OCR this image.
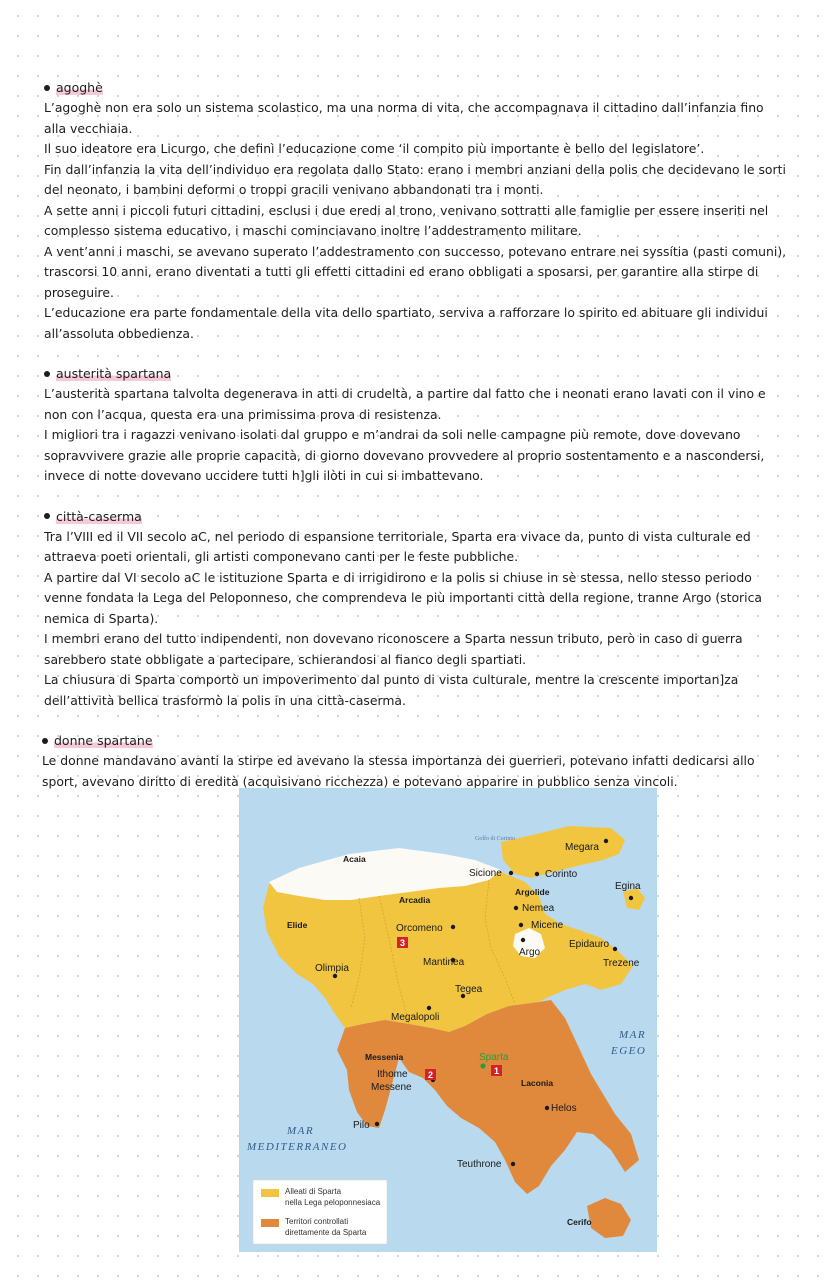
agoghè

L’agoghè non era solo un sistema scolastico, ma una norma di vita, che accompagnava il cittadino dall’infanzia fino alla vecchiaia.

Il suo ideatore era Licurgo, che definì l’educazione come ‘il compito più importante è bello del legislatore’.

Fin dall’infanzia la vita dell’individuo era regolata dallo Stato: erano i membri anziani della polis che decidevano le sorti del neonato, i bambini deformi o troppi gracili venivano abbandonati tra i monti.

A sette anni i piccoli futuri cittadini, esclusi i due eredi al trono, venivano sottratti alle famiglie per essere inseriti nel complesso sistema educativo, i maschi cominciavano inoltre l’addestramento militare.

A vent’anni i maschi, se avevano superato l’addestramento con successo, potevano entrare nei syssítia (pasti comuni), trascorsi 10 anni, erano diventati a tutti gli effetti cittadini ed erano obbligati a sposarsi, per garantire alla stirpe di proseguire.

L’educazione era parte fondamentale della vita dello spartiato, serviva a rafforzare lo spirito ed abituare gli individui all’assoluta obbedienza.

austerità spartana

L’austerità spartana talvolta degenerava in atti di crudeltà, a partire dal fatto che i neonati erano lavati con il vino e non con l’acqua, questa era una primissima prova di resistenza.

I migliori tra i ragazzi venivano isolati dal gruppo e m’andrai da soli nelle campagne più remote, dove dovevano sopravvivere grazie alle proprie capacità, di giorno dovevano provvedere al proprio sostentamento e a nascondersi, invece di notte dovevano uccidere tutti h]gli ilòti in cui si imbattevano.

città-caserma

Tra l’VIII ed il VII secolo aC, nel periodo di espansione territoriale, Sparta era vivace da, punto di vista culturale ed attraeva poeti orientali, gli artisti componevano canti per le feste pubbliche.

A partire dal VI secolo aC le istituzione Sparta e di irrigidirono e la polis si chiuse in sè stessa, nello stesso periodo venne fondata la Lega del Peloponneso, che comprendeva le più importanti città della regione, tranne Argo (storica nemica di Sparta).

I membri erano del tutto indipendenti, non dovevano riconoscere a Sparta nessun tributo, però in caso di guerra sarebbero state obbligate a partecipare, schierandosi al fianco degli spartiati.

La chiusura di Sparta comportò un impoverimento dal punto di vista culturale, mentre la crescente importan]za dell’attività bellica trasformò la polis in una città-caserma.

donne spartane

Le donne mandavano avanti la stirpe ed avevano la stessa importanza dei guerrieri, potevano infatti dedicarsi allo sport, avevano diritto di eredità (acquisivano ricchezza) e potevano apparire in pubblico senza vincoli.

Golfo di Corinto
MAR
EGEO
MAR
MEDITERRANEO
Acaia
Arcadia
Elide
Argolide
Messenia
Laconia
Megara
Sicione	Corinto
Egina
Nemea
Orcomeno	Micene
Argo
Epidauro
Trezene
Olimpia
Mantinea
Tegea
Megalopoli
Sparta
Ithome
Messene
Pilo
Helos
Teuthrone
Cerifo
1
2
3
Alleati di Sparta
nella Lega peloponnesiaca
Territori controllati
direttamente da Sparta
